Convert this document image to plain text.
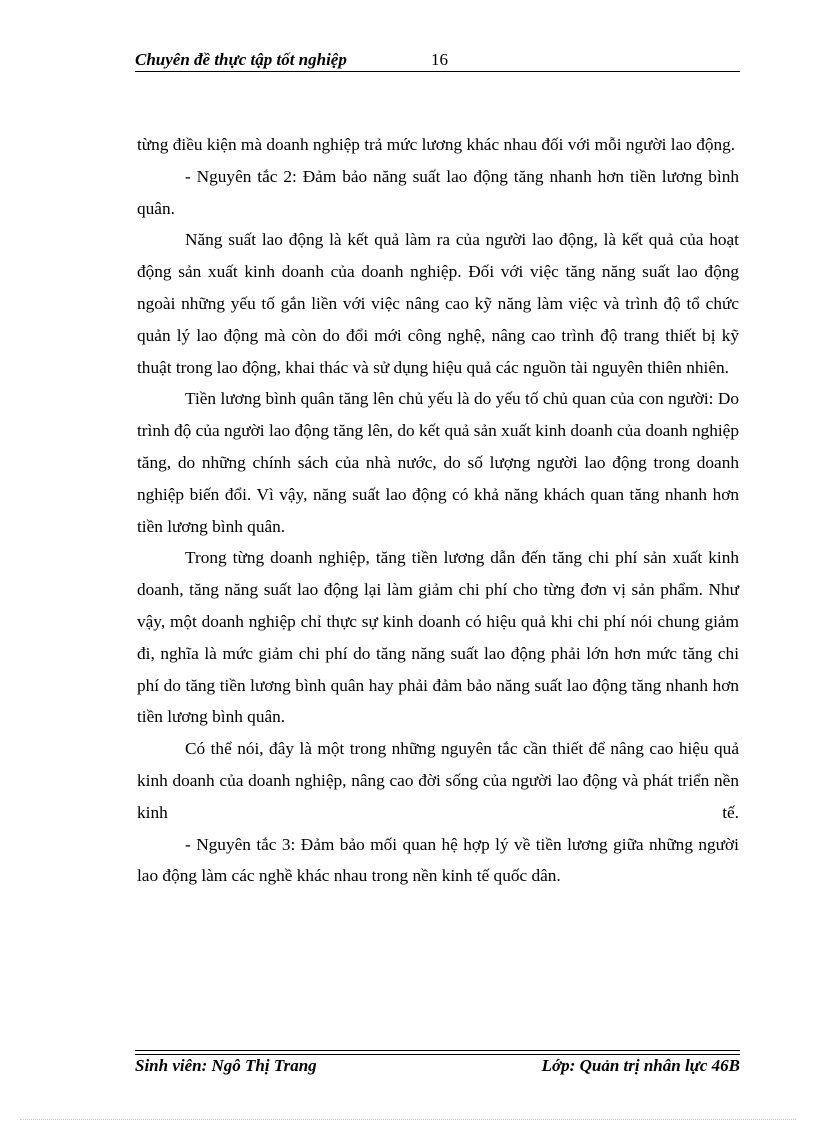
Chuyên đề thực tập tốt nghiệp	16

từng điều kiện mà doanh nghiệp trả mức lương khác nhau đối với mỗi người lao động.

- Nguyên tắc 2: Đảm bảo năng suất lao động tăng nhanh hơn tiền lương bình quân.

Năng suất lao động là kết quả làm ra của người lao động, là kết quả của hoạt động sản xuất kinh doanh của doanh nghiệp. Đối với việc tăng năng suất lao động ngoài những yếu tố gắn liền với việc nâng cao kỹ năng làm việc và trình độ tổ chức quản lý lao động mà còn do đổi mới công nghệ, nâng cao trình độ trang thiết bị kỹ thuật trong lao động, khai thác và sử dụng hiệu quả các nguồn tài nguyên thiên nhiên.

Tiền lương bình quân tăng lên chủ yếu là do yếu tố chủ quan của con người: Do trình độ của người lao động tăng lên, do kết quả sản xuất kinh doanh của doanh nghiệp tăng, do những chính sách của nhà nước, do số lượng người lao động trong doanh nghiệp biến đổi. Vì vậy, năng suất lao động có khả năng khách quan tăng nhanh hơn tiền lương bình quân.

Trong từng doanh nghiệp, tăng tiền lương dẫn đến tăng chi phí sản xuất kinh doanh, tăng năng suất lao động lại làm giảm chi phí cho từng đơn vị sản phẩm. Như vậy, một doanh nghiệp chỉ thực sự kinh doanh có hiệu quả khi chi phí nói chung giảm đi, nghĩa là mức giảm chi phí do tăng năng suất lao động phải lớn hơn mức tăng chi phí do tăng tiền lương bình quân hay phải đảm bảo năng suất lao động tăng nhanh hơn tiền lương bình quân.

Có thể nói, đây là một trong những nguyên tắc cần thiết để nâng cao hiệu quả kinh doanh của doanh nghiệp, nâng cao đời sống của người lao động và phát triển nền kinh tế.

- Nguyên tắc 3: Đảm bảo mối quan hệ hợp lý về tiền lương giữa những người lao động làm các nghề khác nhau trong nền kinh tế quốc dân.

Sinh viên: Ngô Thị Trang	Lớp: Quản trị nhân lực 46B
